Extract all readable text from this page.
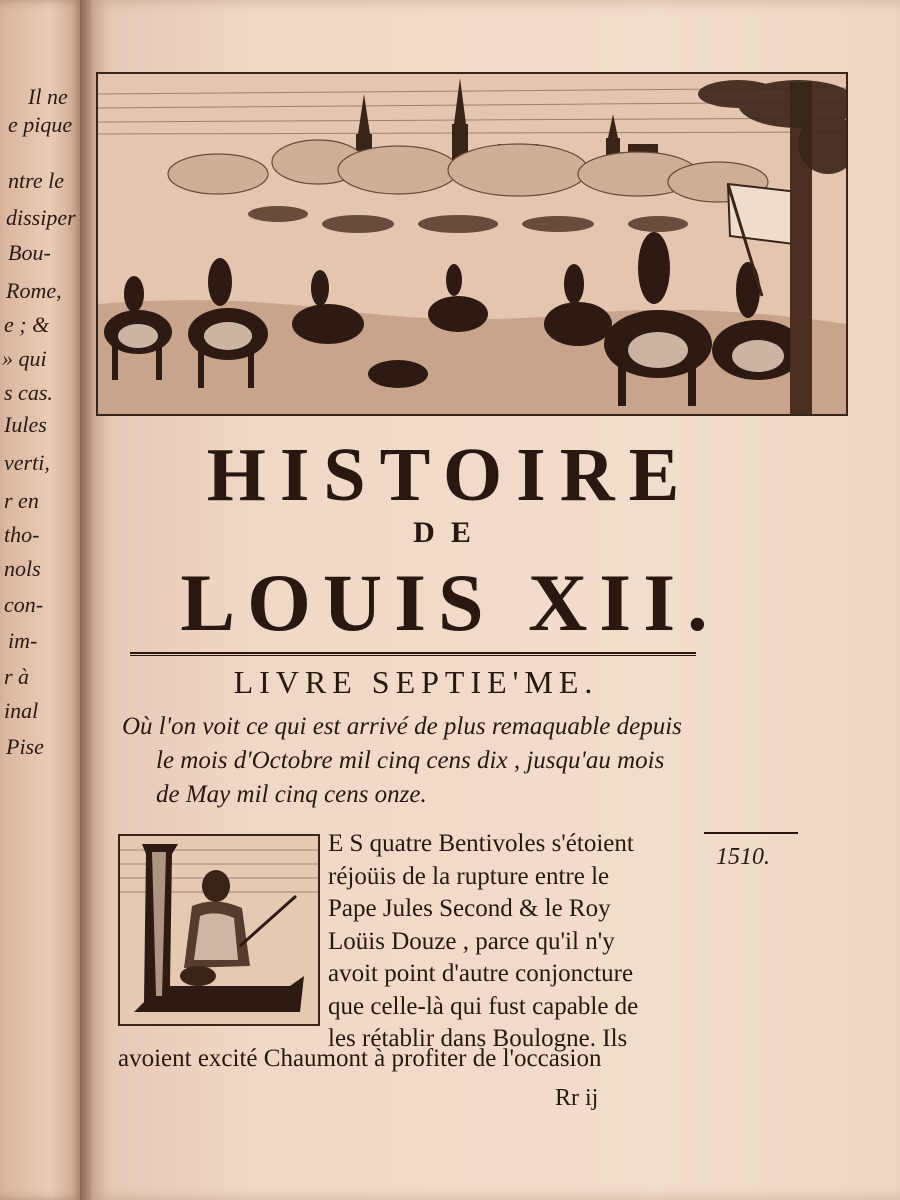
Il ne
e pique
ntre le
dissiper
Bou-
Rome,
e ; &
» qui
s cas.
Iules
verti,
r en
tho-
nols
con-
im-
r à
inal
Pise
HISTOIRE
DE
LOUIS XII.
LIVRE SEPTIE'ME.
Où l'on voit ce qui est arrivé de plus remaquable depuis
le mois d'Octobre mil cinq cens dix , jusqu'au mois
de May mil cinq cens onze.
E S quatre Bentivoles s'étoient
réjoüis de la rupture entre le
Pape Jules Second & le Roy
Loüis Douze , parce qu'il n'y
avoit point d'autre conjoncture
que celle-là qui fust capable de
les rétablir dans Boulogne. Ils
avoient excité Chaumont à profiter de l'occasion
1510.
Rr ij
